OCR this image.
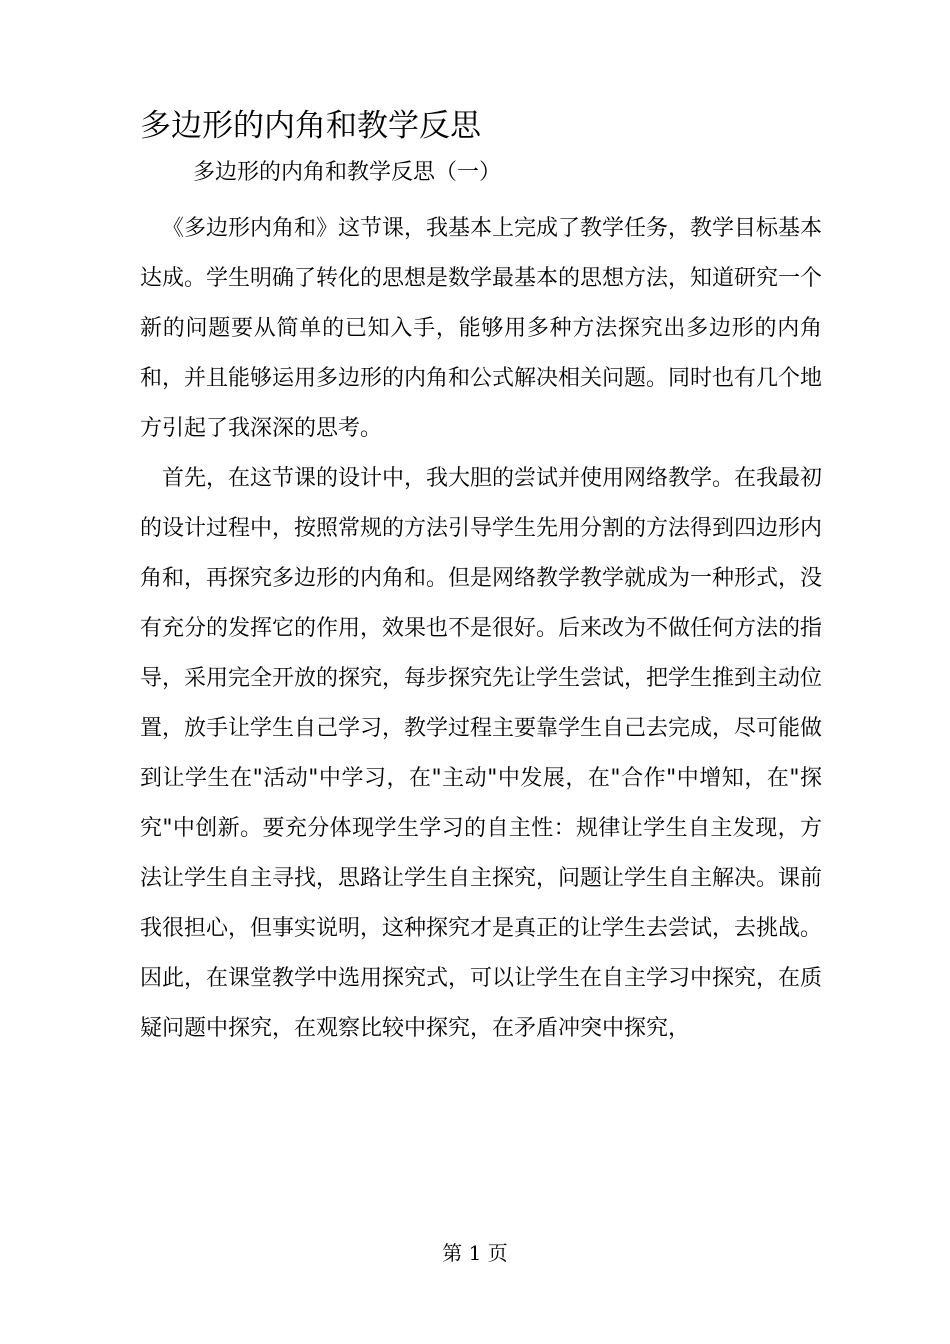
多边形的内角和教学反思
多边形的内角和教学反思（一）

《多边形内角和》这节课，我基本上完成了教学任务，教学目标基本达成。学生明确了转化的思想是数学最基本的思想方法，知道研究一个新的问题要从简单的已知入手，能够用多种方法探究出多边形的内角和，并且能够运用多边形的内角和公式解决相关问题。同时也有几个地方引起了我深深的思考。

首先，在这节课的设计中，我大胆的尝试并使用网络教学。在我最初的设计过程中，按照常规的方法引导学生先用分割的方法得到四边形内角和，再探究多边形的内角和。但是网络教学教学就成为一种形式，没有充分的发挥它的作用，效果也不是很好。后来改为不做任何方法的指导，采用完全开放的探究，每步探究先让学生尝试，把学生推到主动位置，放手让学生自己学习，教学过程主要靠学生自己去完成，尽可能做到让学生在"活动"中学习，在"主动"中发展，在"合作"中增知，在"探究"中创新。要充分体现学生学习的自主性：规律让学生自主发现，方法让学生自主寻找，思路让学生自主探究，问题让学生自主解决。课前我很担心，但事实说明，这种探究才是真正的让学生去尝试，去挑战。因此，在课堂教学中选用探究式，可以让学生在自主学习中探究，在质疑问题中探究，在观察比较中探究，在矛盾冲突中探究，

第 1 页
